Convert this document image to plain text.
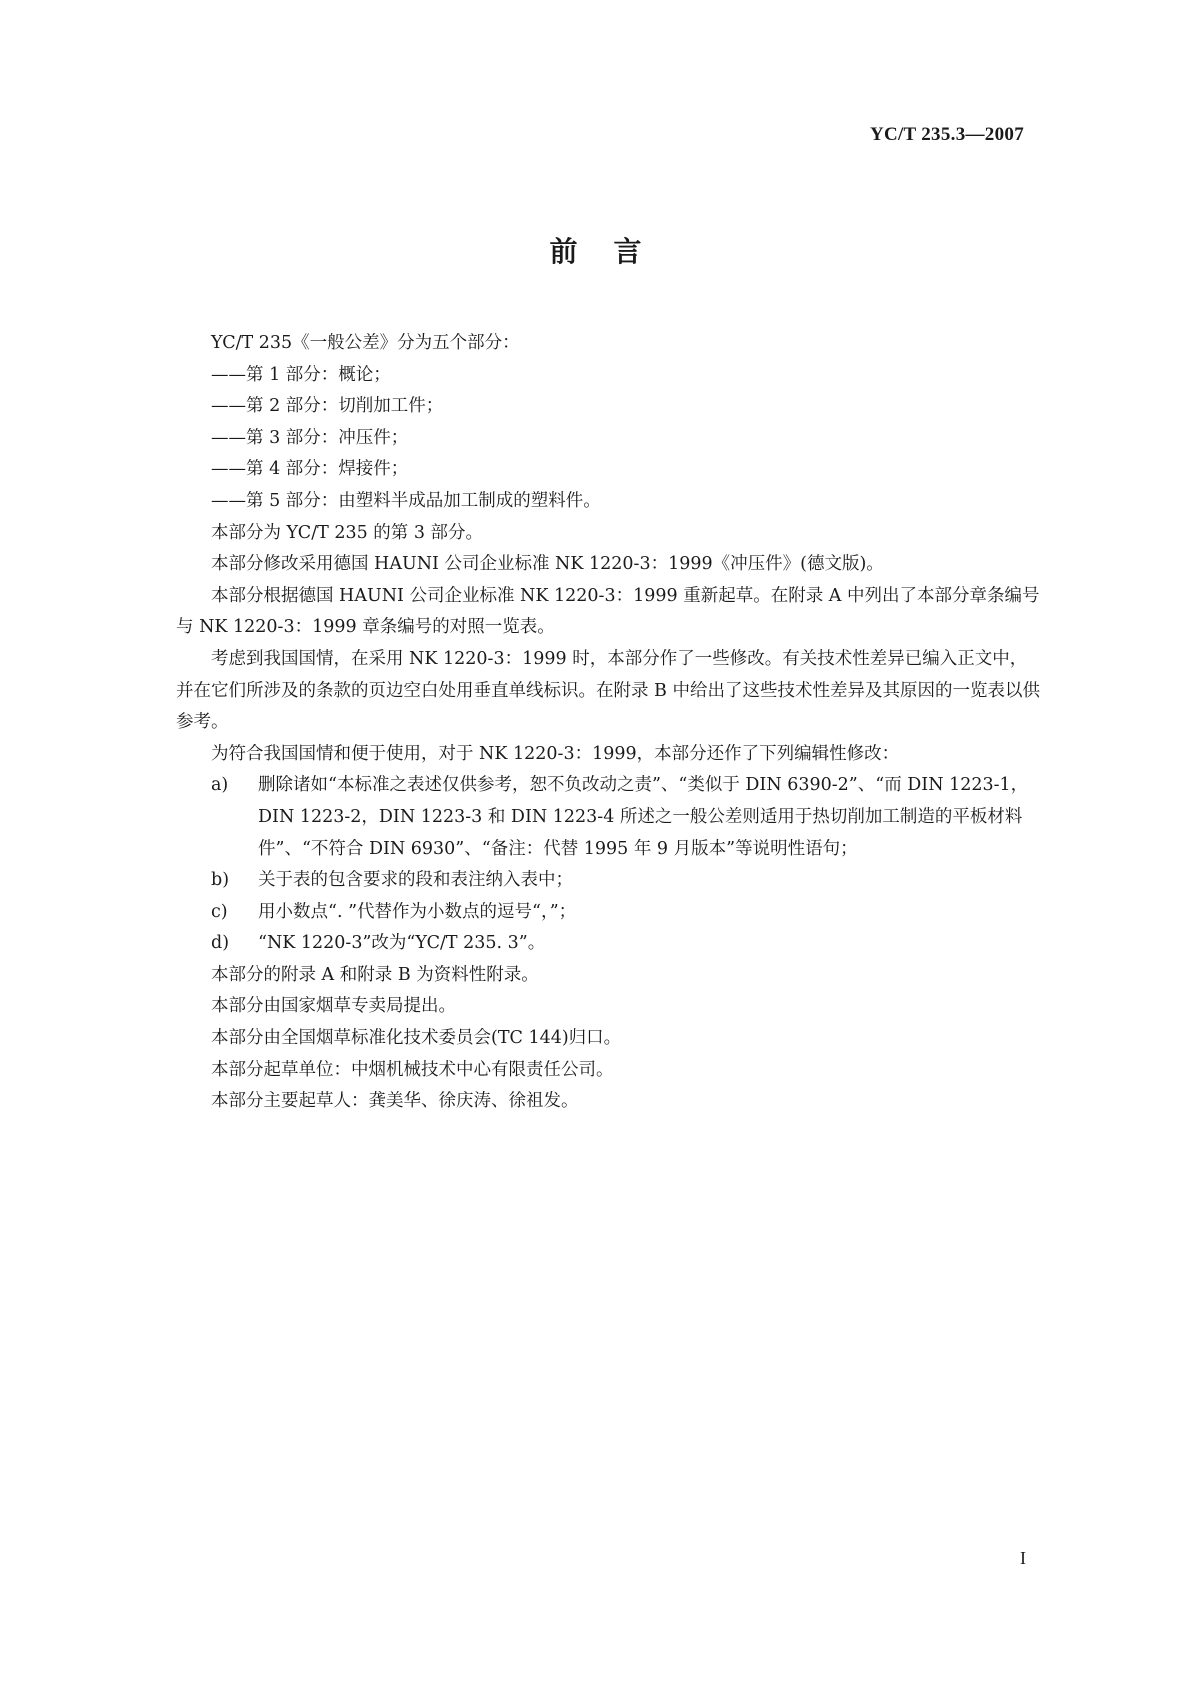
YC/T 235.3—2007
前言

YC/T 235《一般公差》分为五个部分：

——第 1 部分：概论；

——第 2 部分：切削加工件；

——第 3 部分：冲压件；

——第 4 部分：焊接件；

——第 5 部分：由塑料半成品加工制成的塑料件。

本部分为 YC/T 235 的第 3 部分。

本部分修改采用德国 HAUNI 公司企业标准 NK 1220-3：1999《冲压件》(德文版)。

本部分根据德国 HAUNI 公司企业标准 NK 1220-3：1999 重新起草。在附录 A 中列出了本部分章条编号与 NK 1220-3：1999 章条编号的对照一览表。

考虑到我国国情，在采用 NK 1220-3：1999 时，本部分作了一些修改。有关技术性差异已编入正文中，并在它们所涉及的条款的页边空白处用垂直单线标识。在附录 B 中给出了这些技术性差异及其原因的一览表以供参考。

为符合我国国情和便于使用，对于 NK 1220-3：1999，本部分还作了下列编辑性修改：

a) 删除诸如“本标准之表述仅供参考，恕不负改动之责”、“类似于 DIN 6390-2”、“而 DIN 1223-1，DIN 1223-2，DIN 1223-3 和 DIN 1223-4 所述之一般公差则适用于热切削加工制造的平板材料件”、“不符合 DIN 6930”、“备注：代替 1995 年 9 月版本”等说明性语句；
b) 关于表的包含要求的段和表注纳入表中；
c) 用小数点“. ”代替作为小数点的逗号“，”；
d) “NK 1220-3”改为“YC/T 235. 3”。

本部分的附录 A 和附录 B 为资料性附录。

本部分由国家烟草专卖局提出。

本部分由全国烟草标准化技术委员会(TC 144)归口。

本部分起草单位：中烟机械技术中心有限责任公司。

本部分主要起草人：龚美华、徐庆涛、徐祖发。

I
